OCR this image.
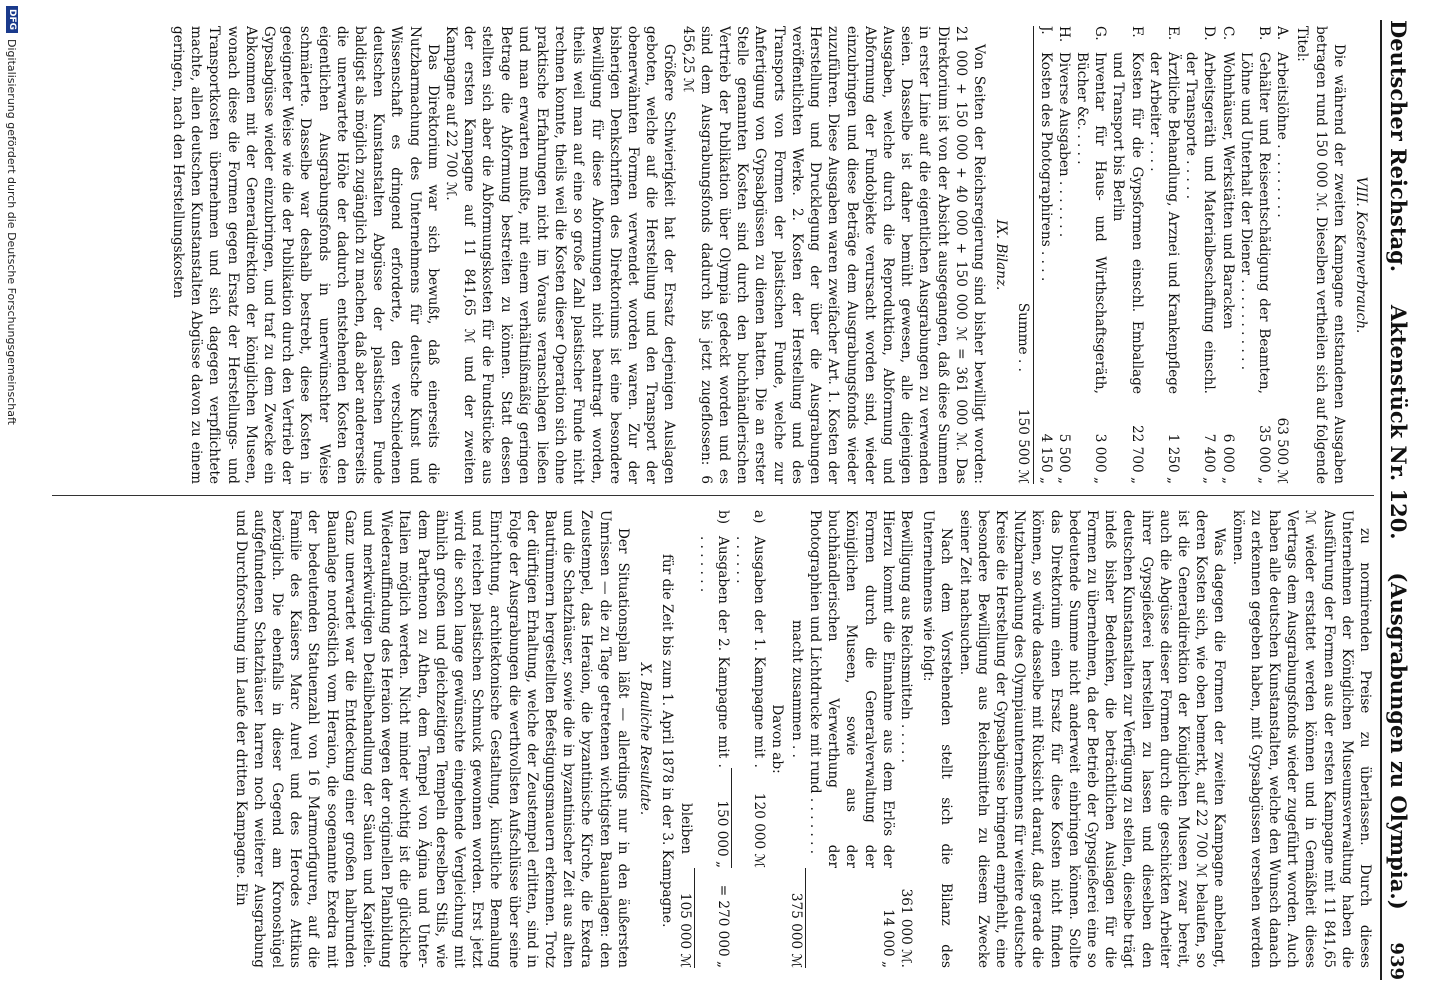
Deutscher Reichstag.
Aktenstück Nr. 120.
(Ausgrabungen zu Olympia.)
939
VIII. Kostenverbrauch.

Die während der zweiten Kampagne entstandenen Ausgaben betragen rund 150 000 ℳ. Dieselben vertheilen sich auf folgende Titel:

A.
Arbeitslöhne . . . . . . . . .
63 500 ℳ
B.
Gehälter und Reiseentschädigung der Beamten, Löhne und Unterhalt der Diener . . . . . . . . . . .
35 000 „
C.
Wohnhäuser, Werkstätten und Baracken
6 000 „
D.
Arbeitsgeräth und Materialbeschaffung einschl. der Transporte . . . . .
7 400 „
E.
Ärztliche Behandlung, Arznei und Krankenpflege der Arbeiter . . . .
1 250 „
F.
Kosten für die Gypsformen einschl. Emballage und Transport bis Berlin
22 700 „
G.
Inventar für Haus- und Wirthschaftsgeräth, Bücher &c. . . . .
3 000 „
H.
Diverse Ausgaben . . . . . . .
5 500 „
J.
Kosten des Photographirens . . . .
4 150 „
Summe . .
150 500 ℳ
IX. Bilanz.

Von Seiten der Reichsregierung sind bisher bewilligt worden: 21 000 + 150 000 + 40 000 + 150 000 ℳ = 361 000 ℳ. Das Direktorium ist von der Absicht ausgegangen, daß diese Summen in erster Linie auf die eigentlichen Ausgrabungen zu verwenden seien. Dasselbe ist daher bemüht gewesen, alle diejenigen Ausgaben, welche durch die Reproduktion, Abformung und Abformung der Fundobjekte verursacht worden sind, wieder einzubringen und diese Beträge dem Ausgrabungsfonds wieder zuzuführen. Diese Ausgaben waren zweifacher Art. 1. Kosten der Herstellung und Drucklegung der über die Ausgrabungen veröffentlichten Werke. 2. Kosten der Herstellung und des Transports von Formen der plastischen Funde, welche zur Anfertigung von Gypsabgüssen zu dienen hatten. Die an erster Stelle genannten Kosten sind durch den buchhändlerischen Vertrieb der Publikation über Olympia gedeckt worden und es sind dem Ausgrabungsfonds dadurch bis jetzt zugeflossen: 6 456,25 ℳ

Größere Schwierigkeit hat der Ersatz derjenigen Auslagen geboten, welche auf die Herstellung und den Transport der obenerwähnten Formen verwendet worden waren. Zur der bisherigen Denkschriften des Direktoriums ist eine besondere Bewilligung für diese Abformungen nicht beantragt worden, theils weil man auf eine so große Zahl plastischer Funde nicht rechnen konnte, theils weil die Kosten dieser Operation sich ohne praktische Erfahrungen nicht im Voraus veranschlagen ließen und man erwarten mußte, mit einem verhältnißmäßig geringen Betrage die Abformung bestreiten zu können. Statt dessen stellten sich aber die Abformungskosten für die Fundstücke aus der ersten Kampagne auf 11 841,65 ℳ und der zweiten Kampagne auf 22 700 ℳ.

Das Direktorium war sich bewußt, daß einerseits die Nutzbarmachung des Unternehmens für deutsche Kunst und Wissenschaft es dringend erforderte, den verschiedenen deutschen Kunstanstalten Abgüsse der plastischen Funde baldigst als möglich zugänglich zu machen, daß aber andererseits die unerwartete Höhe der dadurch entstehenden Kosten den eigentlichen Ausgrabungsfonds in unerwünschter Weise schmälerte. Dasselbe war deshalb bestrebt, diese Kosten in geeigneter Weise wie die der Publikation durch den Vertrieb der Gypsabgüsse wieder einzubringen, und traf zu dem Zwecke ein Abkommen mit der Generaldirektion der königlichen Museen, wonach diese die Formen gegen Ersatz der Herstellungs- und Transportkosten übernehmen und sich dagegen verpflichtete machte, allen deutschen Kunstanstalten Abgüsse davon zu einem geringen, nach den Herstellungskosten

zu normirenden Preise zu überlassen. Durch dieses Unternehmen der Königlichen Museumsverwaltung haben die Ausführung der Formen aus der ersten Kampagne mit 11 841,65 ℳ wieder erstattet werden können und in Gemäßheit dieses Vertrags dem Ausgrabungsfonds wieder zugeführt worden. Auch haben alle deutschen Kunstanstalten, welche den Wunsch danach zu erkennen gegeben haben, mit Gypsabgüssen versehen werden können.

Was dagegen die Formen der zweiten Kampagne anbelangt, deren Kosten sich, wie oben bemerkt, auf 22 700 ℳ belaufen, so ist die Generaldirektion der Königlichen Museen zwar bereit, auch die Abgüsse dieser Formen durch die geschickten Arbeiter ihrer Gypsgießerei herstellen zu lassen und dieselben den deutschen Kunstanstalten zur Verfügung zu stellen, dieselbe trägt indeß bisher Bedenken, die beträchtlichen Auslagen für die Formen zu übernehmen, da der Betrieb der Gypsgießerei eine so bedeutende Summe nicht anderweit einbringen können. Sollte das Direktorium einen Ersatz für diese Kosten nicht finden können, so würde dasselbe mit Rücksicht darauf, daß gerade die Nutzbarmachung des Olympiaunternehmens für weitere deutsche Kreise die Herstellung der Gypsabgüsse bringend empfiehlt, eine besondere Bewilligung aus Reichsmitteln zu diesem Zwecke seiner Zeit nachsuchen.

Nach dem Vorstehenden stellt sich die Bilanz des Unternehmens wie folgt:

Bewilligung aus Reichsmitteln . . . . .
361 000 ℳ.
Hierzu kommt die Einnahme aus dem Erlös der Formen durch die Generalverwaltung der Königlichen Museen, sowie aus der buchhändlerischen Verwerthung der Photographien und Lichtdrucke mit rund . . . . . . .
14 000 „
macht zusammen . .
375 000 ℳ
Davon ab:
a)
Ausgaben der 1. Kampagne mit . . . . . . .
120 000 ℳ
b)
Ausgaben der 2. Kampagne mit . . . . . . . .
150 000 „
= 270 000 „
bleiben
105 000 ℳ

für die Zeit bis zum 1. April 1878 in der 3. Kampagne.

X. Bauliche Resultate.

Der Situationsplan läßt — allerdings nur in den äußersten Umrissen — die zu Tage getretenen wichtigsten Bauanlagen: den Zeustempel, das Heraion, die byzantinische Kirche, die Exedra und die Schatzhäuser, sowie die in byzantinischer Zeit aus alten Bautrümmern hergestellten Befestigungsmauern erkennen. Trotz der dürftigen Erhaltung, welche der Zeustempel erlitten, sind in Folge der Ausgrabungen die werthvollsten Aufschlüsse über seine Einrichtung, architektonische Gestaltung, künstliche Bemalung und reichen plastischen Schmuck gewonnen worden. Erst jetzt wird die schon lange gewünschte eingehende Vergleichung mit ähnlich großen und gleichzeitigen Tempeln derselben Stils, wie dem Parthenon zu Athen, dem Tempel von Ägina und Unter-Italien möglich werden. Nicht minder wichtig ist die glückliche Wiederauffindung des Heraion wegen der originellen Planbildung und merkwürdigen Detailbehandlung der Säulen und Kapitelle. Ganz unerwartet war die Entdeckung einer großen halbrunden Bauanlage nordöstlich vom Heraion, die sogenannte Exedra mit der bedeutenden Statuenzahl von 16 Marmorfiguren, auf die Familie des Kaisers Marc Aurel und des Herodes Attikus bezüglich. Die ebenfalls in dieser Gegend am Kronoshügel aufgefundenen Schatzhäuser harren noch weiterer Ausgrabung und Durchforschung im Laufe der dritten Kampagne. Ein

DFG
Digitalisierung gefördert durch die Deutsche Forschungsgemeinschaft
